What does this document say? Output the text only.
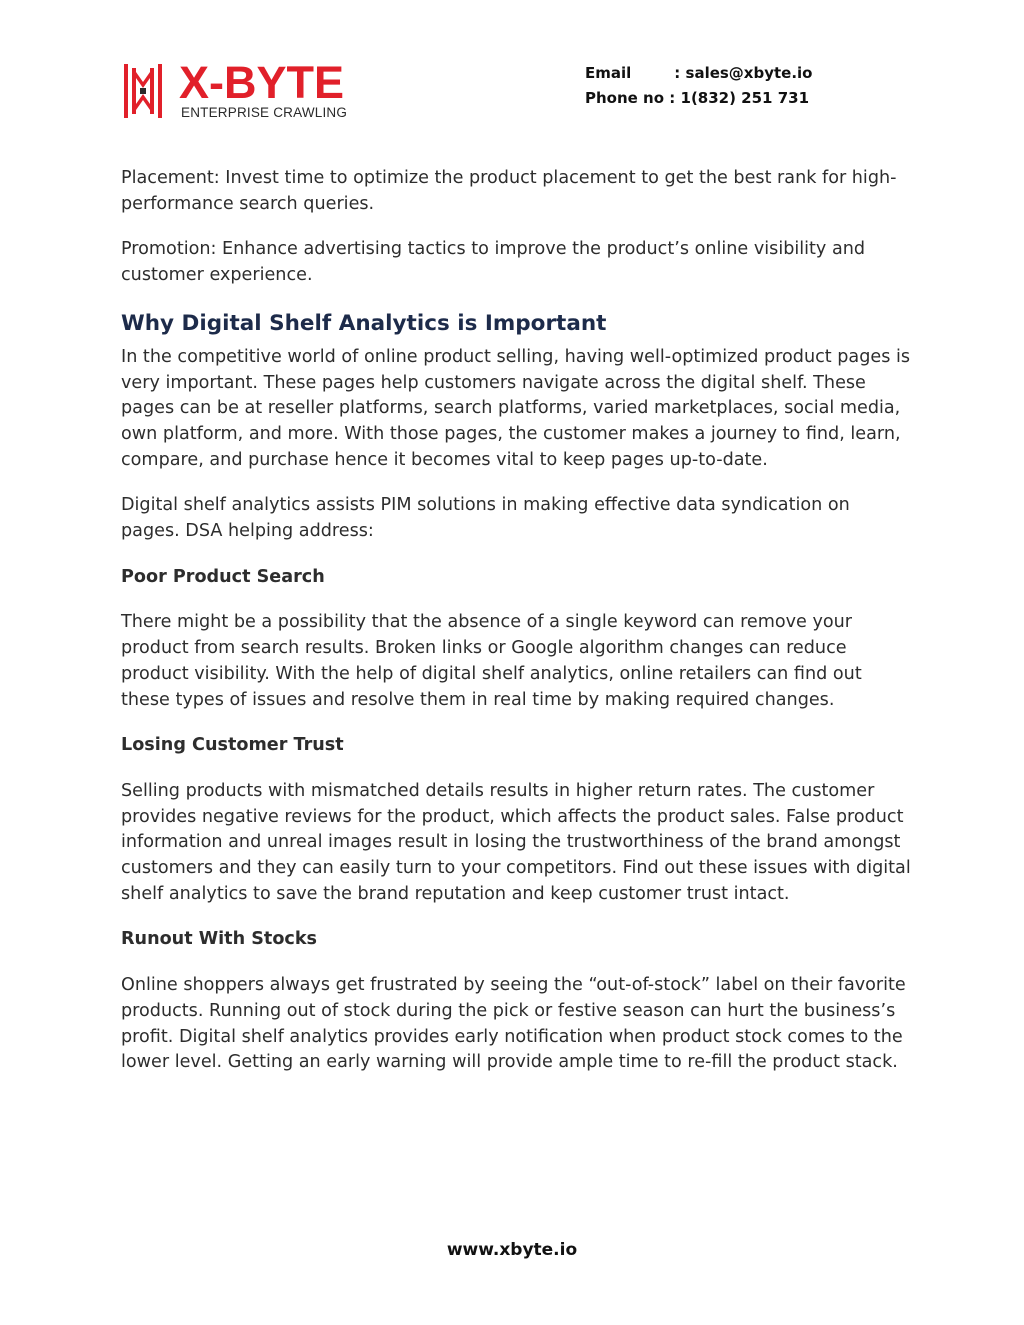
X-BYTE
ENTERPRISE CRAWLING
Email	: sales@xbyte.io
Phone no : 1(832) 251 731

Placement: Invest time to optimize the product placement to get the best rank for high-performance search queries.

Promotion: Enhance advertising tactics to improve the product’s online visibility and customer experience.

Why Digital Shelf Analytics is Important

In the competitive world of online product selling, having well-optimized product pages is very important. These pages help customers navigate across the digital shelf. These pages can be at reseller platforms, search platforms, varied marketplaces, social media, own platform, and more. With those pages, the customer makes a journey to find, learn, compare, and purchase hence it becomes vital to keep pages up-to-date.

Digital shelf analytics assists PIM solutions in making effective data syndication on pages. DSA helping address:

Poor Product Search

There might be a possibility that the absence of a single keyword can remove your product from search results. Broken links or Google algorithm changes can reduce product visibility. With the help of digital shelf analytics, online retailers can find out these types of issues and resolve them in real time by making required changes.

Losing Customer Trust

Selling products with mismatched details results in higher return rates. The customer provides negative reviews for the product, which affects the product sales. False product information and unreal images result in losing the trustworthiness of the brand amongst customers and they can easily turn to your competitors. Find out these issues with digital shelf analytics to save the brand reputation and keep customer trust intact.

Runout With Stocks

Online shoppers always get frustrated by seeing the “out-of-stock” label on their favorite products. Running out of stock during the pick or festive season can hurt the business’s profit. Digital shelf analytics provides early notification when product stock comes to the lower level. Getting an early warning will provide ample time to re-fill the product stack.

www.xbyte.io
